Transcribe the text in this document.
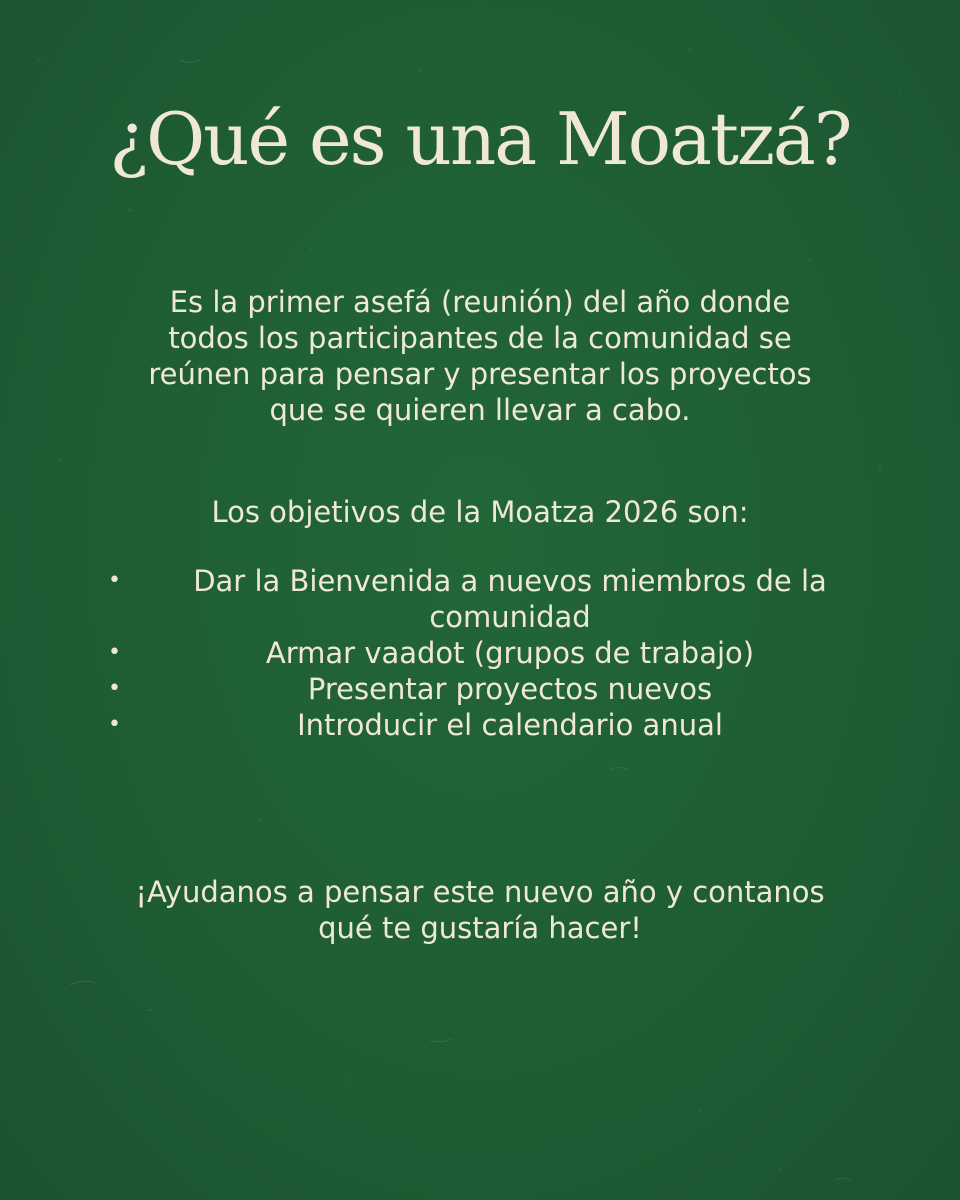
¿Qué es una Moatzá?
Es la primer asefá (reunión) del año donde
todos los participantes de la comunidad se
reúnen para pensar y presentar los proyectos
que se quieren llevar a cabo.
Los objetivos de la Moatza 2026 son:
•	Dar la Bienvenida a nuevos miembros de la comunidad
•	Armar vaadot (grupos de trabajo)
•	Presentar proyectos nuevos
•	Introducir el calendario anual
¡Ayudanos a pensar este nuevo año y contanos
qué te gustaría hacer!
